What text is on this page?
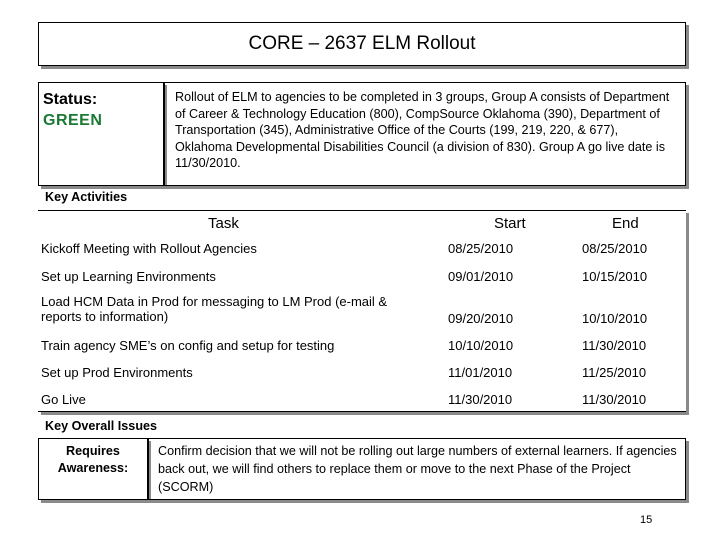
CORE – 2637 ELM Rollout
Status:
GREEN
Rollout of ELM to agencies to be completed in 3 groups, Group A consists of Department of Career & Technology Education (800), CompSource Oklahoma (390), Department of Transportation (345), Administrative Office of the Courts (199, 219, 220, & 677), Oklahoma Developmental Disabilities Council (a division of 830). Group A go live date is 11/30/2010.
Key Activities
Task	Start	End
Kickoff Meeting with Rollout Agencies	08/25/2010	08/25/2010
Set up Learning Environments	09/01/2010	10/15/2010
Load HCM Data in Prod for messaging to LM Prod (e-mail & reports to information)	09/20/2010	10/10/2010
Train agency SME’s on config and setup for testing	10/10/2010	11/30/2010
Set up Prod Environments	11/01/2010	11/25/2010
Go Live	11/30/2010	11/30/2010
Key Overall Issues
Requires Awareness:
Confirm decision that we will not be rolling out large numbers of external learners. If agencies back out, we will find others to replace them or move to the next Phase of the Project (SCORM)
15
